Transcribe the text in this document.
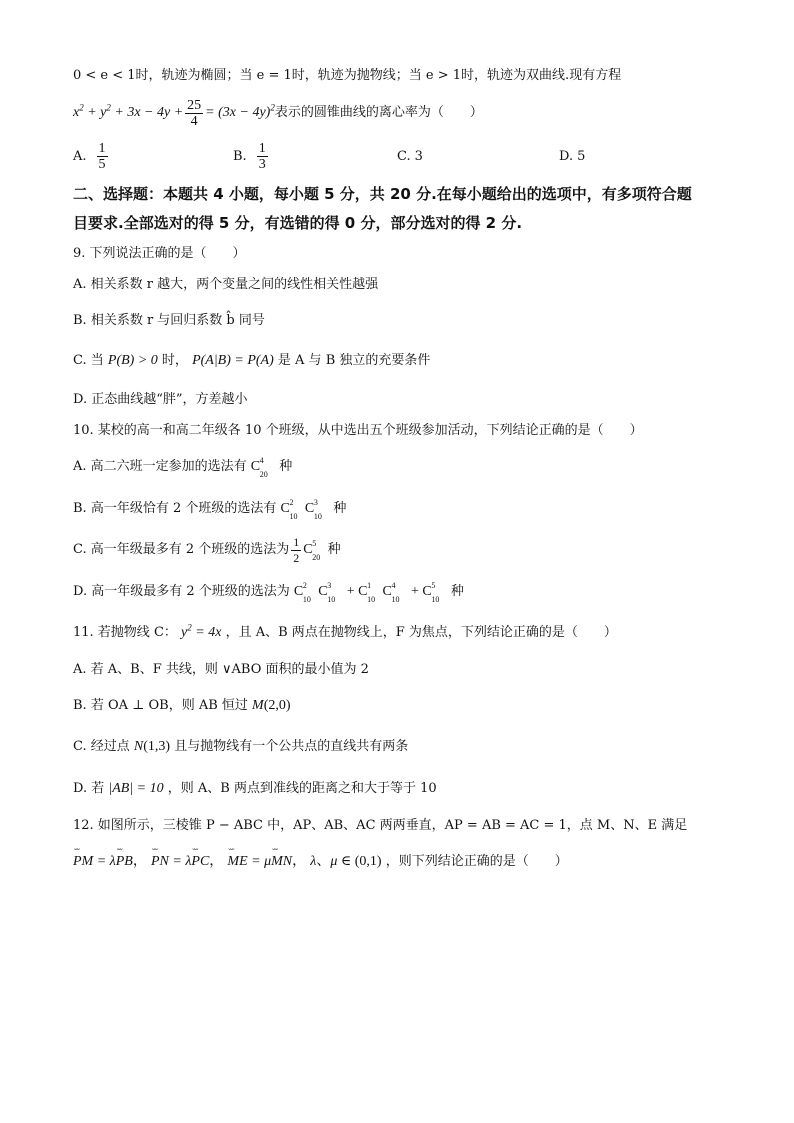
0 < e < 1时，轨迹为椭圆；当 e = 1时，轨迹为抛物线；当 e > 1时，轨迹为双曲线.现有方程
$x^2 + y^2 + 3x - 4y + \frac{25}{4} = (3x - 4y)^2$ 表示的圆锥曲线的离心率为（　　）
A. $\frac{1}{5}$	B. $\frac{1}{3}$	C. 3	D. 5
二、选择题：本题共 4 小题，每小题 5 分，共 20 分.在每小题给出的选项中，有多项符合题
目要求.全部选对的得 5 分，有选错的得 0 分，部分选对的得 2 分.
9. 下列说法正确的是（　　）
A. 相关系数 r 越大，两个变量之间的线性相关性越强
B. 相关系数 r 与回归系数 b̂ 同号
C. 当 P(B) > 0 时， P(A|B) = P(A) 是 A 与 B 独立的充要条件
D. 正态曲线越“胖”，方差越小
10. 某校的高一和高二年级各 10 个班级，从中选出五个班级参加活动，下列结论正确的是（　　）
A. 高二六班一定参加的选法有 C 4
20
种
B. 高一年级恰有 2 个班级的选法有 C 2
10
C 3
10
种
C. 高一年级最多有 2 个班级的选法为 $\frac{1}{2}$ C 5
20
种
D. 高一年级最多有 2 个班级的选法为 C 2
10
C 3
10
+ C 1
10
C 4
10
+ C 5
10
种
11. 若抛物线 C： $y^2 = 4x$ ，且 A、B 两点在抛物线上，F 为焦点，下列结论正确的是（　　）
A. 若 A、B、F 共线，则 ∨ABO 面积的最小值为 2
B. 若 OA ⊥ OB，则 AB 恒过 M(2,0)
C. 经过点 N(1,3) 且与抛物线有一个公共点的直线共有两条
D. 若 |AB| = 10 ，则 A、B 两点到准线的距离之和大于等于 10
12. 如图所示，三棱锥 P − ABC 中，AP、AB、AC 两两垂直，AP = AB = AC = 1，点 M、N、E 满足
˘˘˘ PM = λ˘˘˘ PB， ˘˘˘ PN = λ˘˘˘ PC， ˘˘˘ ME = μ˘˘˘ MN， λ、μ ∈ (0,1) ，则下列结论正确的是（　　）
